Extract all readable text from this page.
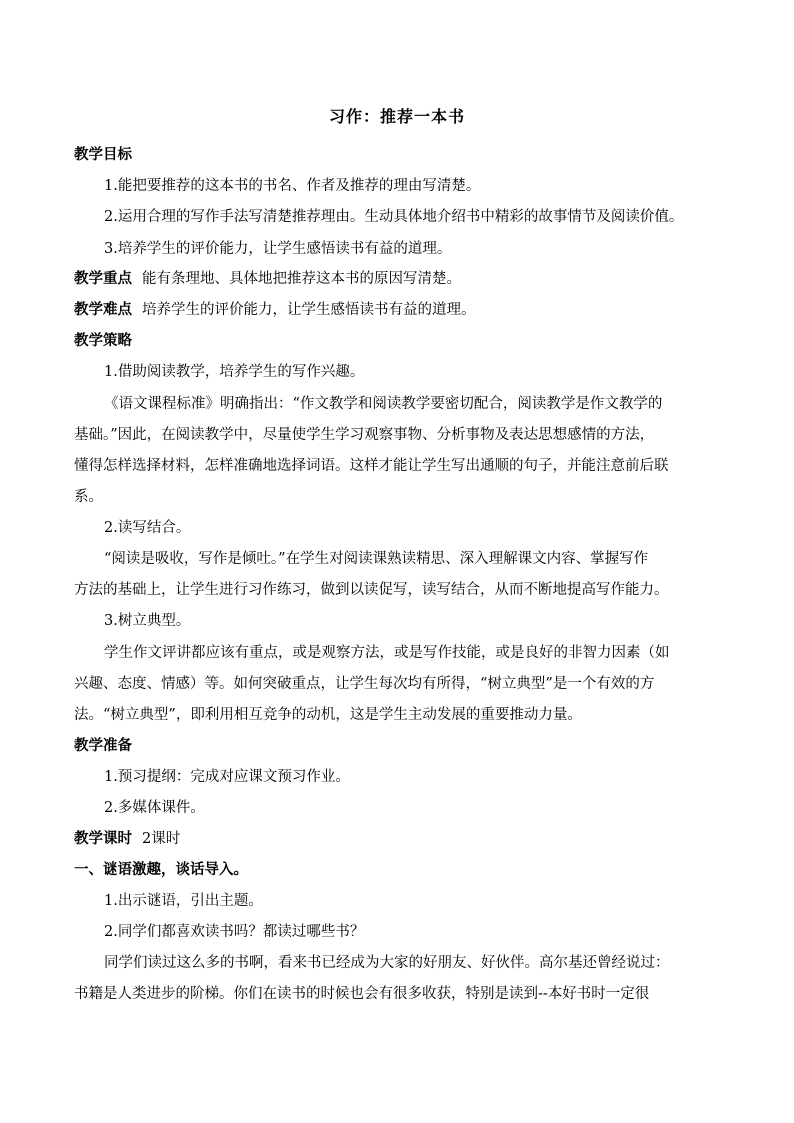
习作：推荐一本书
教学目标
1.能把要推荐的这本书的书名、作者及推荐的理由写清楚。
2.运用合理的写作手法写清楚推荐理由。生动具体地介绍书中精彩的故事情节及阅读价值。
3.培养学生的评价能力，让学生感悟读书有益的道理。
教学重点 能有条理地、具体地把推荐这本书的原因写清楚。
教学难点 培养学生的评价能力，让学生感悟读书有益的道理。
教学策略
1.借助阅读教学，培养学生的写作兴趣。
《语文课程标准》明确指出：“作文教学和阅读教学要密切配合，阅读教学是作文教学的
基础。”因此，在阅读教学中，尽量使学生学习观察事物、分析事物及表达思想感情的方法，
懂得怎样选择材料，怎样准确地选择词语。这样才能让学生写出通顺的句子，并能注意前后联
系。
2.读写结合。
“阅读是吸收，写作是倾吐。”在学生对阅读课熟读精思、深入理解课文内容、掌握写作
方法的基础上，让学生进行习作练习，做到以读促写，读写结合，从而不断地提高写作能力。
3.树立典型。
学生作文评讲都应该有重点，或是观察方法，或是写作技能，或是良好的非智力因素（如
兴趣、态度、情感）等。如何突破重点，让学生每次均有所得，“树立典型”是一个有效的方
法。“树立典型”，即利用相互竞争的动机，这是学生主动发展的重要推动力量。
教学准备
1.预习提纲：完成对应课文预习作业。
2.多媒体课件。
教学课时 2课时
一、谜语激趣，谈话导入。
1.出示谜语，引出主题。
2.同学们都喜欢读书吗？都读过哪些书？
同学们读过这么多的书啊，看来书已经成为大家的好朋友、好伙伴。高尔基还曾经说过：
书籍是人类进步的阶梯。你们在读书的时候也会有很多收获，特别是读到--本好书时一定很
